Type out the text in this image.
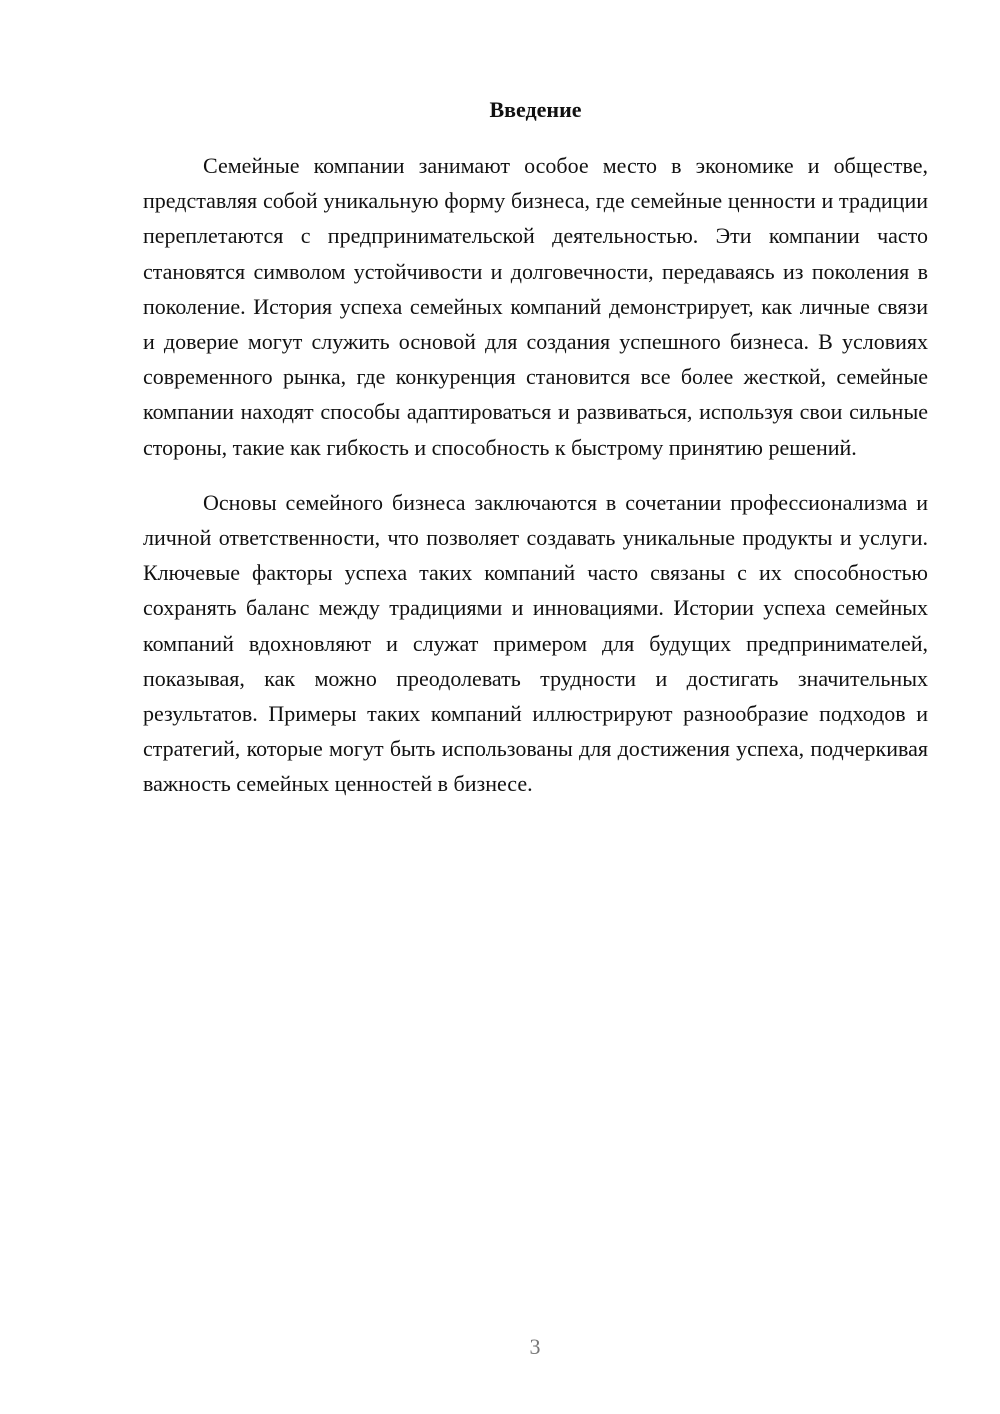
Введение

Семейные компании занимают особое место в экономике и обществе, представляя собой уникальную форму бизнеса, где семейные ценности и традиции переплетаются с предпринимательской деятельностью. Эти компании часто становятся символом устойчивости и долговечности, передаваясь из поколения в поколение. История успеха семейных компаний демонстрирует, как личные связи и доверие могут служить основой для создания успешного бизнеса. В условиях современного рынка, где конкуренция становится все более жесткой, семейные компании находят способы адаптироваться и развиваться, используя свои сильные стороны, такие как гибкость и способность к быстрому принятию решений.

Основы семейного бизнеса заключаются в сочетании профессионализма и личной ответственности, что позволяет создавать уникальные продукты и услуги. Ключевые факторы успеха таких компаний часто связаны с их способностью сохранять баланс между традициями и инновациями. Истории успеха семейных компаний вдохновляют и служат примером для будущих предпринимателей, показывая, как можно преодолевать трудности и достигать значительных результатов. Примеры таких компаний иллюстрируют разнообразие подходов и стратегий, которые могут быть использованы для достижения успеха, подчеркивая важность семейных ценностей в бизнесе.

3
